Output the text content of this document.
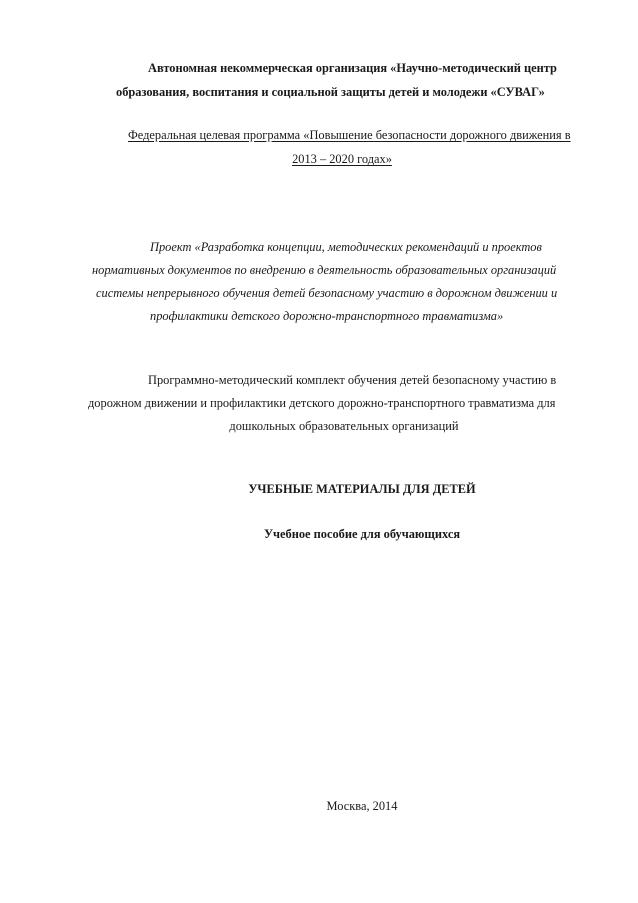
Автономная некоммерческая организация «Научно-методический центр
образования, воспитания и социальной защиты детей и молодежи «СУВАГ»
Федеральная целевая программа «Повышение безопасности дорожного движения в
2013 – 2020 годах»
Проект «Разработка концепции, методических рекомендаций и проектов
нормативных документов по внедрению в деятельность образовательных организаций
системы непрерывного обучения детей безопасному участию в дорожном движении и
профилактики детского дорожно-транспортного травматизма»
Программно-методический комплект обучения детей безопасному участию в
дорожном движении и профилактики детского дорожно-транспортного травматизма для
дошкольных образовательных организаций
УЧЕБНЫЕ МАТЕРИАЛЫ ДЛЯ ДЕТЕЙ
Учебное пособие для обучающихся
Москва, 2014
